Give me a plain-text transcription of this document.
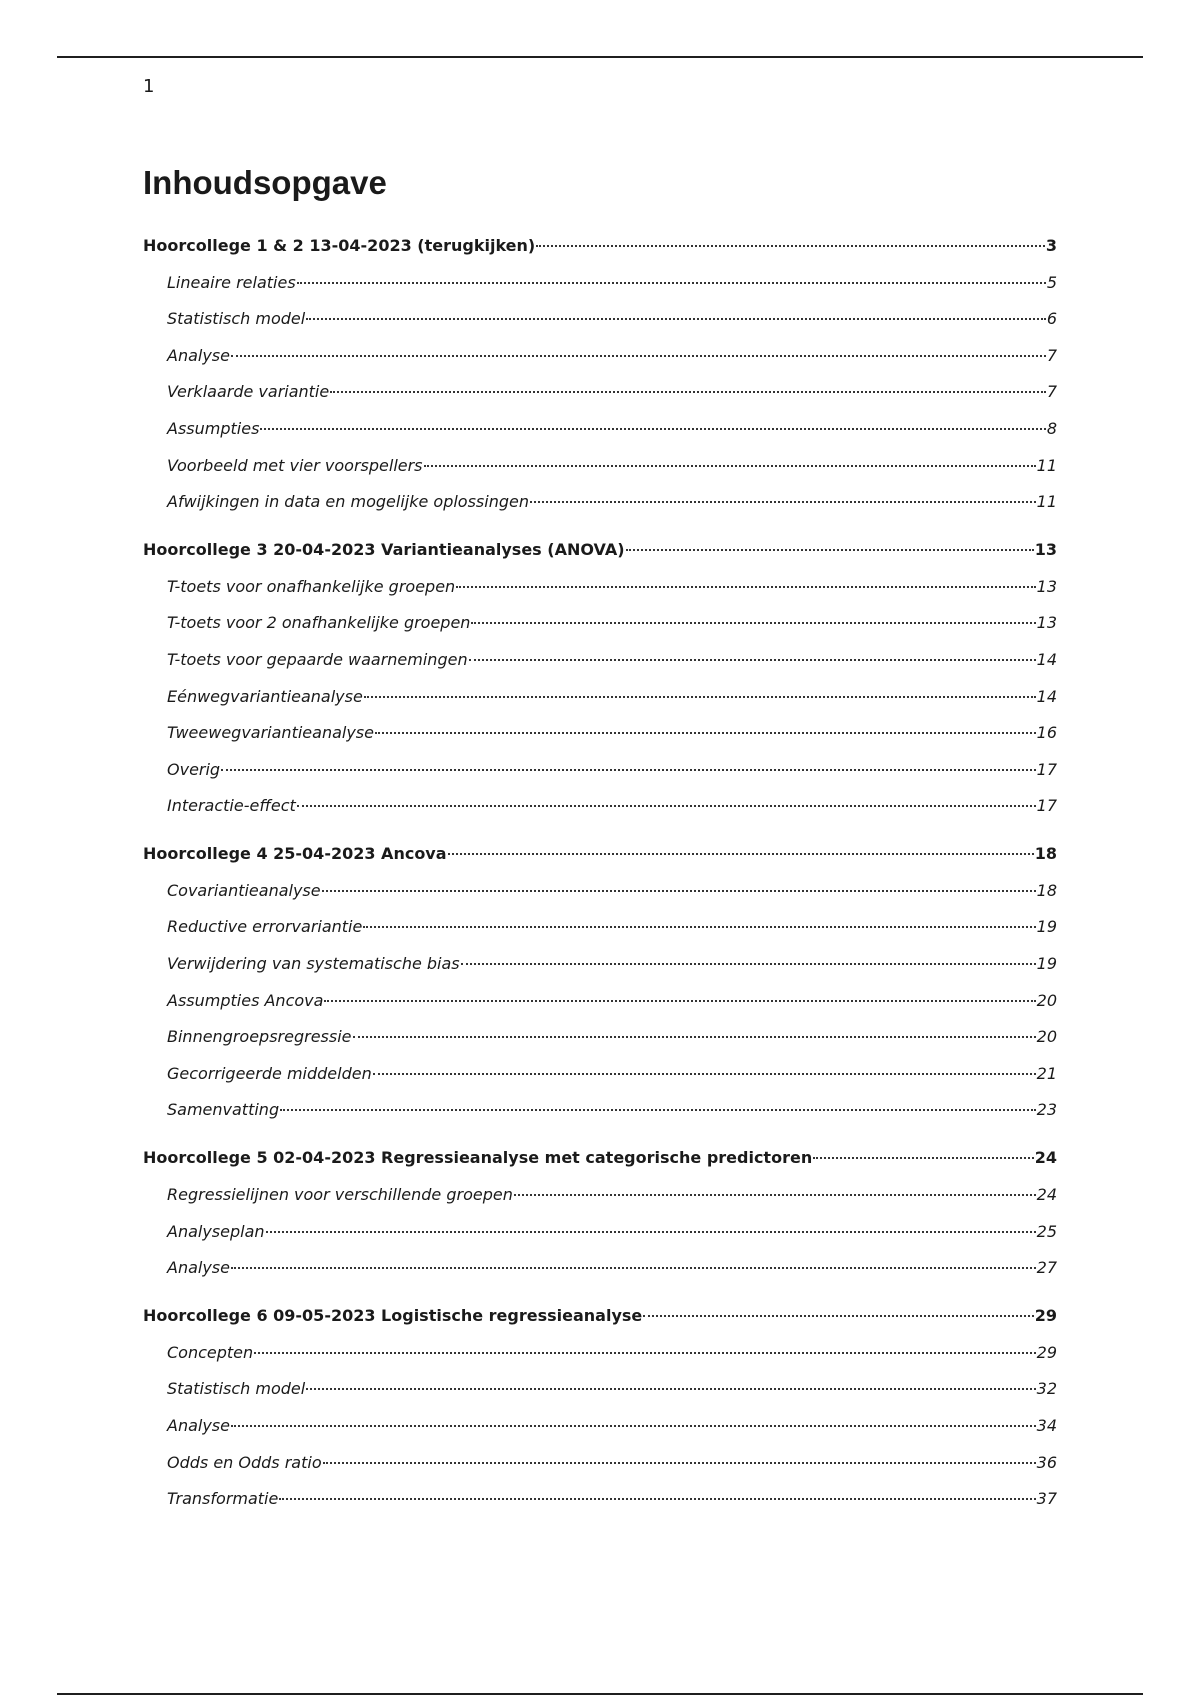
1
Inhoudsopgave
Hoorcollege 1 & 2 13-04-2023 (terugkijken)	3
Lineaire relaties	5
Statistisch model	6
Analyse	7
Verklaarde variantie	7
Assumpties	8
Voorbeeld met vier voorspellers	11
Afwijkingen in data en mogelijke oplossingen	11
Hoorcollege 3 20-04-2023 Variantieanalyses (ANOVA)	13
T-toets voor onafhankelijke groepen	13
T-toets voor 2 onafhankelijke groepen	13
T-toets voor gepaarde waarnemingen	14
Eénwegvariantieanalyse	14
Tweewegvariantieanalyse	16
Overig	17
Interactie-effect	17
Hoorcollege 4 25-04-2023 Ancova	18
Covariantieanalyse	18
Reductive errorvariantie	19
Verwijdering van systematische bias	19
Assumpties Ancova	20
Binnengroepsregressie	20
Gecorrigeerde middelden	21
Samenvatting	23
Hoorcollege 5 02-04-2023 Regressieanalyse met categorische predictoren	24
Regressielijnen voor verschillende groepen	24
Analyseplan	25
Analyse	27
Hoorcollege 6 09-05-2023 Logistische regressieanalyse	29
Concepten	29
Statistisch model	32
Analyse	34
Odds en Odds ratio	36
Transformatie	37
